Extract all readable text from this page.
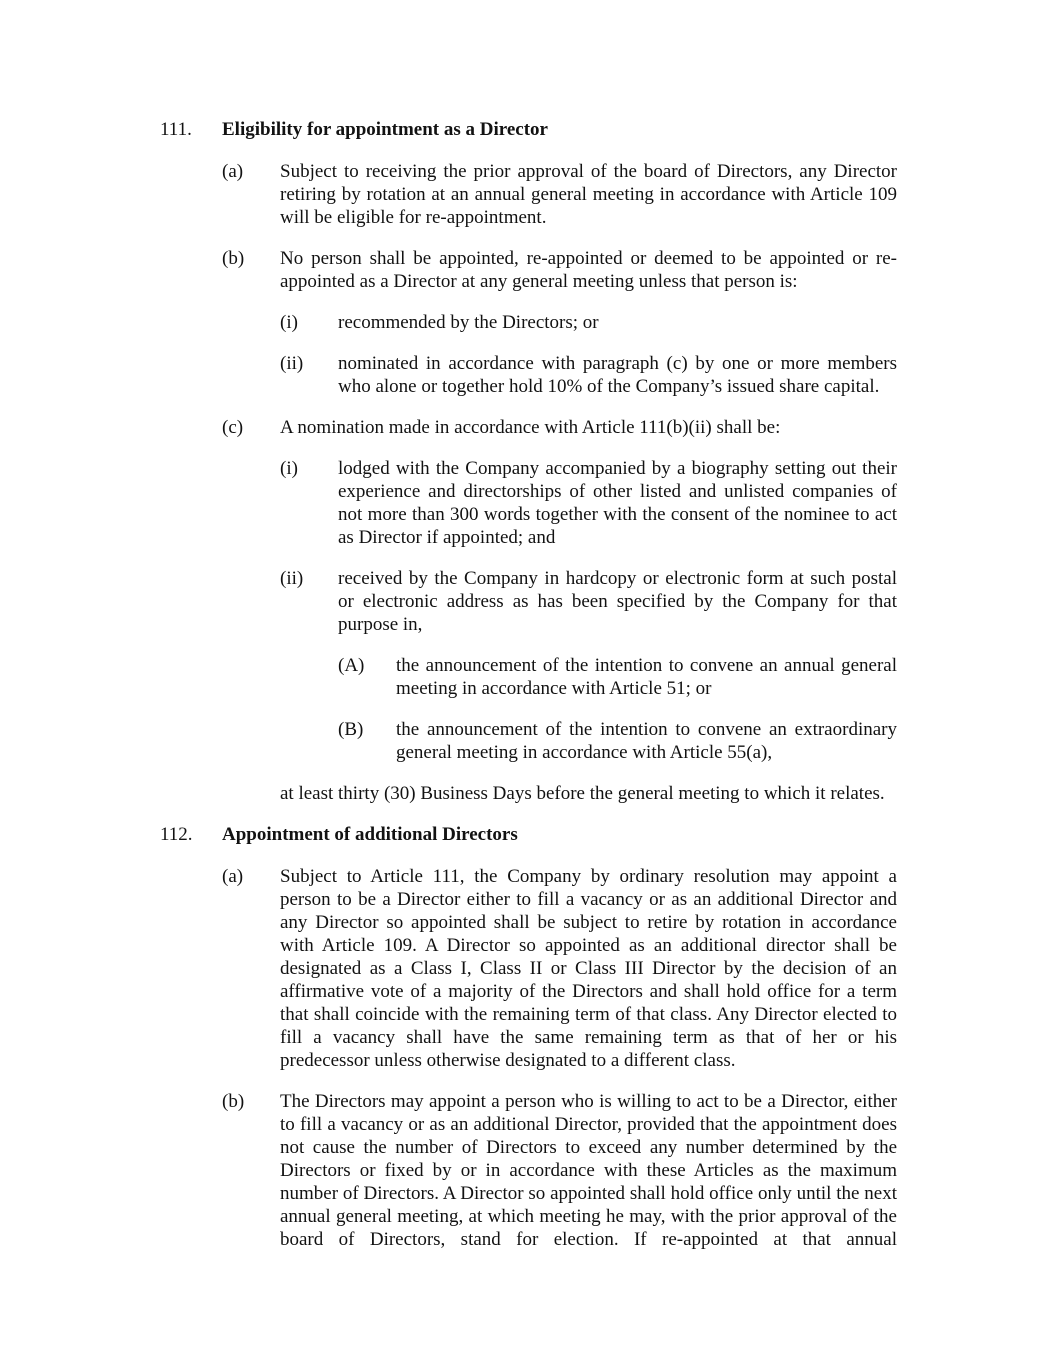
111.	Eligibility for appointment as a Director
(a)	Subject to receiving the prior approval of the board of Directors, any Director retiring by rotation at an annual general meeting in accordance with Article 109 will be eligible for re-appointment.
(b)	No person shall be appointed, re-appointed or deemed to be appointed or re-appointed as a Director at any general meeting unless that person is:
(i)	recommended by the Directors; or
(ii)	nominated in accordance with paragraph (c) by one or more members who alone or together hold 10% of the Company’s issued share capital.
(c)	A nomination made in accordance with Article 111(b)(ii) shall be:
(i)	lodged with the Company accompanied by a biography setting out their experience and directorships of other listed and unlisted companies of not more than 300 words together with the consent of the nominee to act as Director if appointed; and
(ii)	received by the Company in hardcopy or electronic form at such postal or electronic address as has been specified by the Company for that purpose in,
(A)	the announcement of the intention to convene an annual general meeting in accordance with Article 51; or
(B)	the announcement of the intention to convene an extraordinary general meeting in accordance with Article 55(a),
at least thirty (30) Business Days before the general meeting to which it relates.
112.	Appointment of additional Directors
(a)	Subject to Article 111, the Company by ordinary resolution may appoint a person to be a Director either to fill a vacancy or as an additional Director and any Director so appointed shall be subject to retire by rotation in accordance with Article 109. A Director so appointed as an additional director shall be designated as a Class I, Class II or Class III Director by the decision of an affirmative vote of a majority of the Directors and shall hold office for a term that shall coincide with the remaining term of that class. Any Director elected to fill a vacancy shall have the same remaining term as that of her or his predecessor unless otherwise designated to a different class.
(b)	The Directors may appoint a person who is willing to act to be a Director, either to fill a vacancy or as an additional Director, provided that the appointment does not cause the number of Directors to exceed any number determined by the Directors or fixed by or in accordance with these Articles as the maximum number of Directors. A Director so appointed shall hold office only until the next annual general meeting, at which meeting he may, with the prior approval of the board of Directors, stand for election. If re-appointed at that annual
